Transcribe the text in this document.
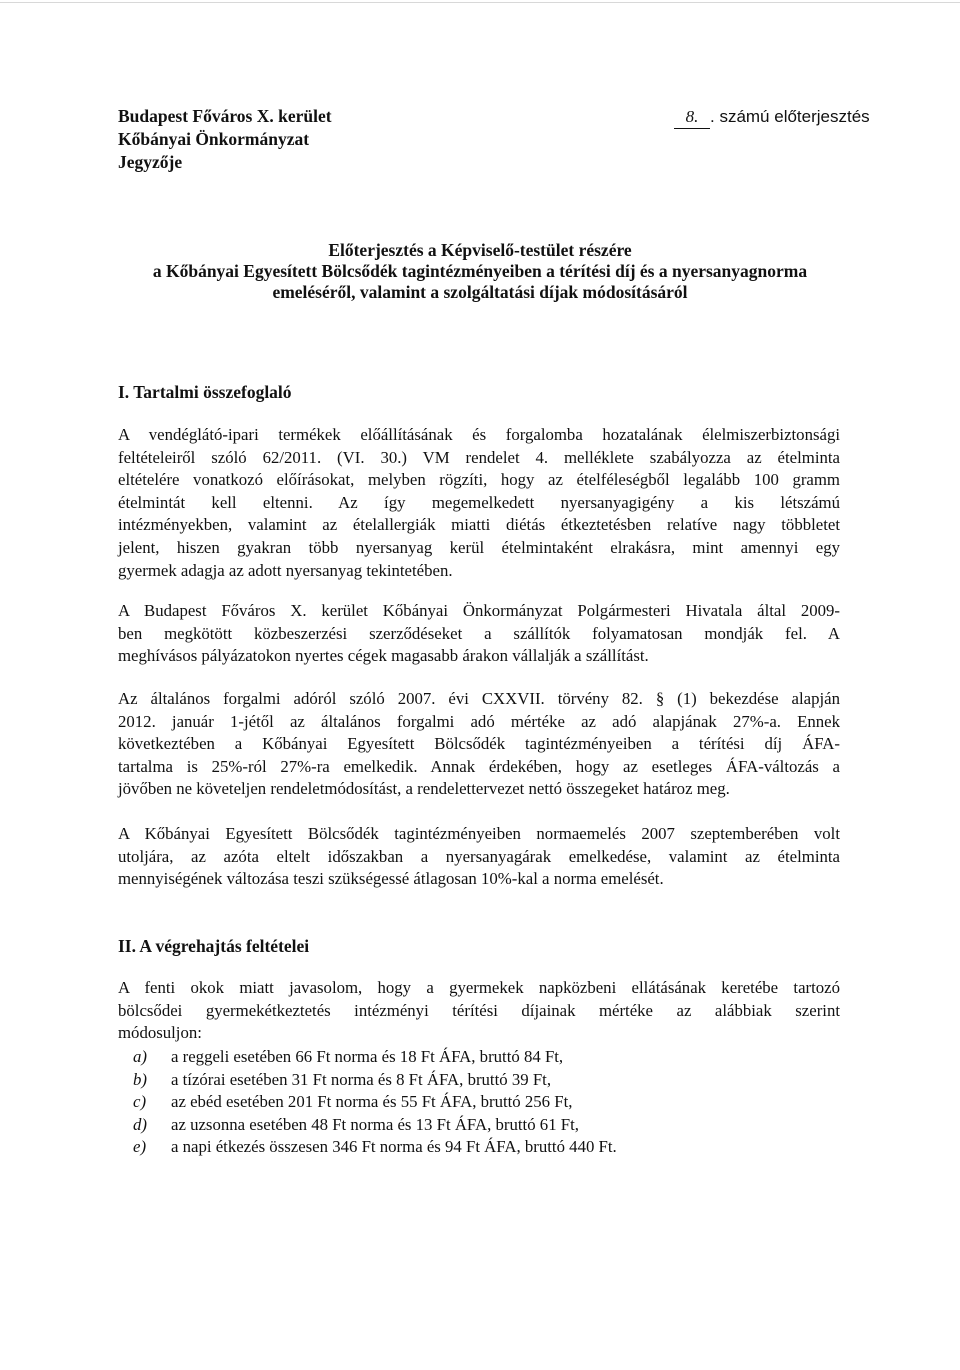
Budapest Főváros X. kerület
Kőbányai Önkormányzat
Jegyzője
8. . számú előterjesztés
Előterjesztés a Képviselő-testület részére
a Kőbányai Egyesített Bölcsődék tagintézményeiben a térítési díj és a nyersanyagnorma
emeléséről, valamint a szolgáltatási díjak módosításáról
I. Tartalmi összefoglaló
A vendéglátó-ipari termékek előállításának és forgalomba hozatalának élelmiszerbiztonsági
feltételeiről szóló 62/2011. (VI. 30.) VM rendelet 4. melléklete szabályozza az ételminta
eltételére vonatkozó előírásokat, melyben rögzíti, hogy az ételféleségből legalább 100 gramm
ételmintát kell eltenni. Az így megemelkedett nyersanyagigény a kis létszámú
intézményekben, valamint az ételallergiák miatti diétás étkeztetésben relatíve nagy többletet
jelent, hiszen gyakran több nyersanyag kerül ételmintaként elrakásra, mint amennyi egy
gyermek adagja az adott nyersanyag tekintetében.
A Budapest Főváros X. kerület Kőbányai Önkormányzat Polgármesteri Hivatala által 2009-
ben megkötött közbeszerzési szerződéseket a szállítók folyamatosan mondják fel. A
meghívásos pályázatokon nyertes cégek magasabb árakon vállalják a szállítást.
Az általános forgalmi adóról szóló 2007. évi CXXVII. törvény 82. § (1) bekezdése alapján
2012. január 1-jétől az általános forgalmi adó mértéke az adó alapjának 27%-a. Ennek
következtében a Kőbányai Egyesített Bölcsődék tagintézményeiben a térítési díj ÁFA-
tartalma is 25%-ról 27%-ra emelkedik. Annak érdekében, hogy az esetleges ÁFA-változás a
jövőben ne követeljen rendeletmódosítást, a rendelettervezet nettó összegeket határoz meg.
A Kőbányai Egyesített Bölcsődék tagintézményeiben normaemelés 2007 szeptemberében volt
utoljára, az azóta eltelt időszakban a nyersanyagárak emelkedése, valamint az ételminta
mennyiségének változása teszi szükségessé átlagosan 10%-kal a norma emelését.
II. A végrehajtás feltételei
A fenti okok miatt javasolom, hogy a gyermekek napközbeni ellátásának keretébe tartozó
bölcsődei gyermekétkeztetés intézményi térítési díjainak mértéke az alábbiak szerint
módosuljon:
a) a reggeli esetében 66 Ft norma és 18 Ft ÁFA, bruttó 84 Ft,
b) a tízórai esetében 31 Ft norma és 8 Ft ÁFA, bruttó 39 Ft,
c) az ebéd esetében 201 Ft norma és 55 Ft ÁFA, bruttó 256 Ft,
d) az uzsonna esetében 48 Ft norma és 13 Ft ÁFA, bruttó 61 Ft,
e) a napi étkezés összesen 346 Ft norma és 94 Ft ÁFA, bruttó 440 Ft.
